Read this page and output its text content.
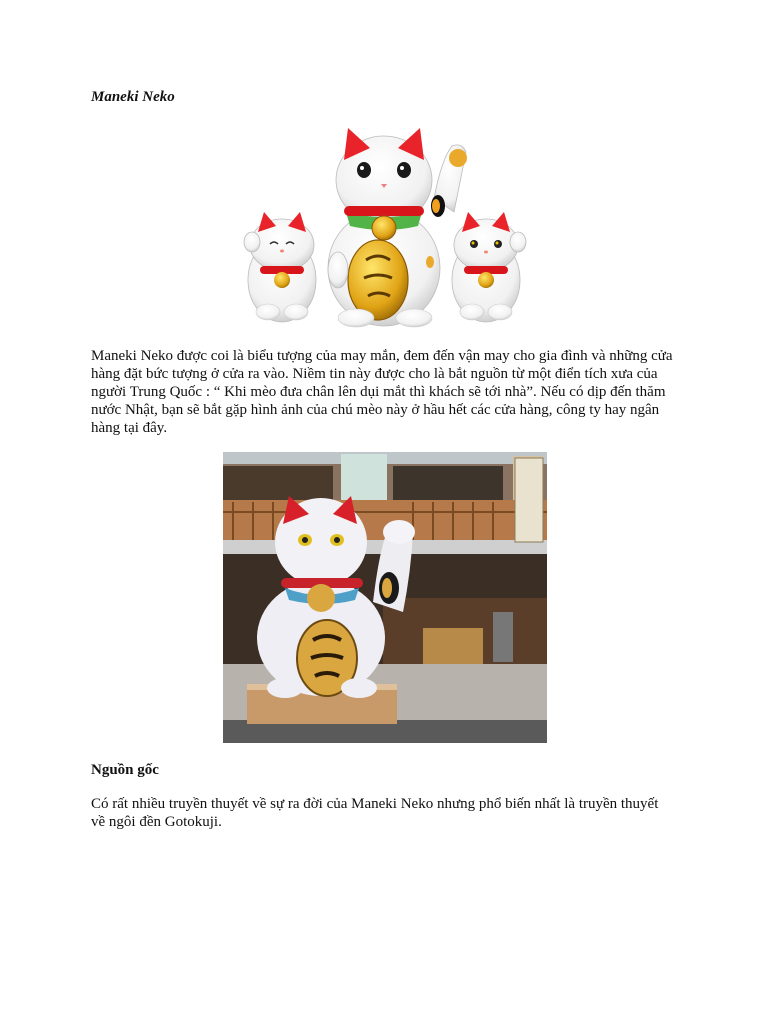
Maneki Neko
Maneki Neko được coi là biểu tượng của may mắn, đem đến vận may cho gia đình và những cửa
hàng đặt bức tượng ở cửa ra vào. Niềm tin này được cho là bắt nguồn từ một điển tích xưa của
người Trung Quốc : “ Khi mèo đưa chân lên dụi mắt thì khách sẽ tới nhà”. Nếu có dịp đến thăm
nước Nhật, bạn sẽ bắt gặp hình ảnh của chú mèo này ở hầu hết các cửa hàng, công ty hay ngân
hàng tại đây.
Nguồn gốc
Có rất nhiều truyền thuyết về sự ra đời của Maneki Neko nhưng phổ biến nhất là truyền thuyết
về ngôi đền Gotokuji.
